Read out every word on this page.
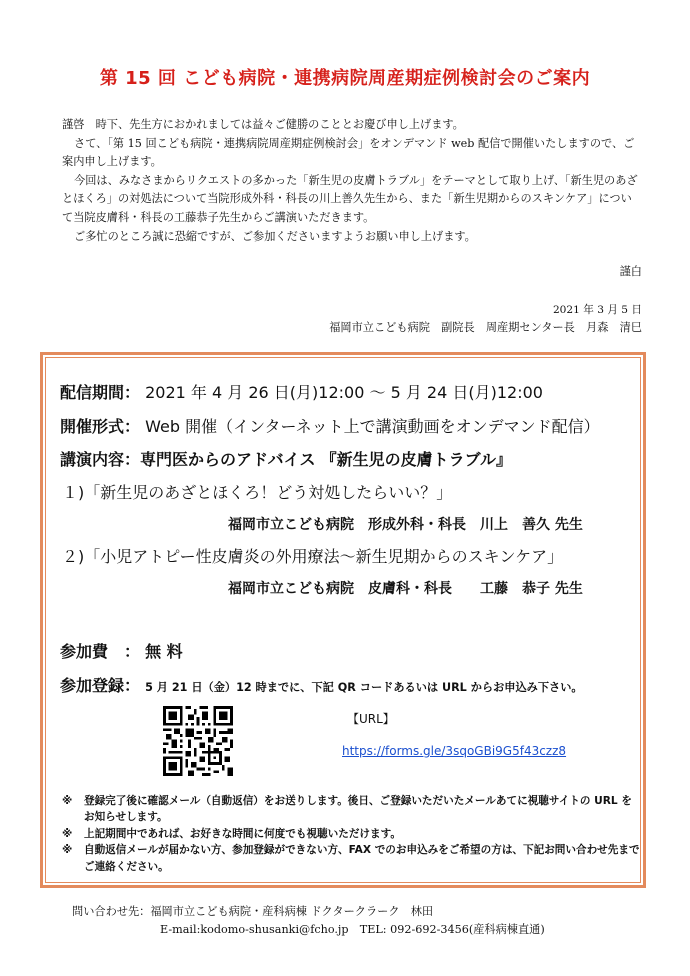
第 15 回 こども病院・連携病院周産期症例検討会のご案内

謹啓　時下、先生方におかれましては益々ご健勝のこととお慶び申し上げます。

さて、「第 15 回こども病院・連携病院周産期症例検討会」をオンデマンド web 配信で開催いたしますので、ご案内申し上げます。

今回は、みなさまからリクエストの多かった「新生児の皮膚トラブル」をテーマとして取り上げ、「新生児のあざとほくろ」の対処法について当院形成外科・科長の川上善久先生から、また「新生児期からのスキンケア」について当院皮膚科・科長の工藤恭子先生からご講演いただきます。

ご多忙のところ誠に恐縮ですが、ご参加くださいますようお願い申し上げます。

謹白
2021 年 3 月 5 日
福岡市立こども病院　副院長　周産期センター長　月森　清巳
配信期間： 2021 年 4 月 26 日(月)12:00 ～ 5 月 24 日(月)12:00
開催形式： Web 開催（インターネット上で講演動画をオンデマンド配信）
講演内容：専門医からのアドバイス 『新生児の皮膚トラブル』
１)「新生児のあざとほくろ！どう対処したらいい？」
福岡市立こども病院　形成外科・科長　川上　善久 先生
２)「小児アトピー性皮膚炎の外用療法～新生児期からのスキンケア」
福岡市立こども病院　皮膚科・科長　　工藤　恭子 先生
参加費　： 無 料
参加登録： 5 月 21 日（金）12 時までに、下記 QR コードあるいは URL からお申込み下さい。
【URL】
https://forms.gle/3sqoGBi9G5f43czz8
※ 登録完了後に確認メール（自動返信）をお送りします。後日、ご登録いただいたメールあてに視聴サイトの URL をお知らせします。
※ 上記期間中であれば、お好きな時間に何度でも視聴いただけます。
※ 自動返信メールが届かない方、参加登録ができない方、FAX でのお申込みをご希望の方は、下記お問い合わせ先までご連絡ください。
問い合わせ先：福岡市立こども病院・産科病棟 ドクタークラーク　林田
E-mail:kodomo-shusanki@fcho.jp　TEL: 092-692-3456(産科病棟直通)
